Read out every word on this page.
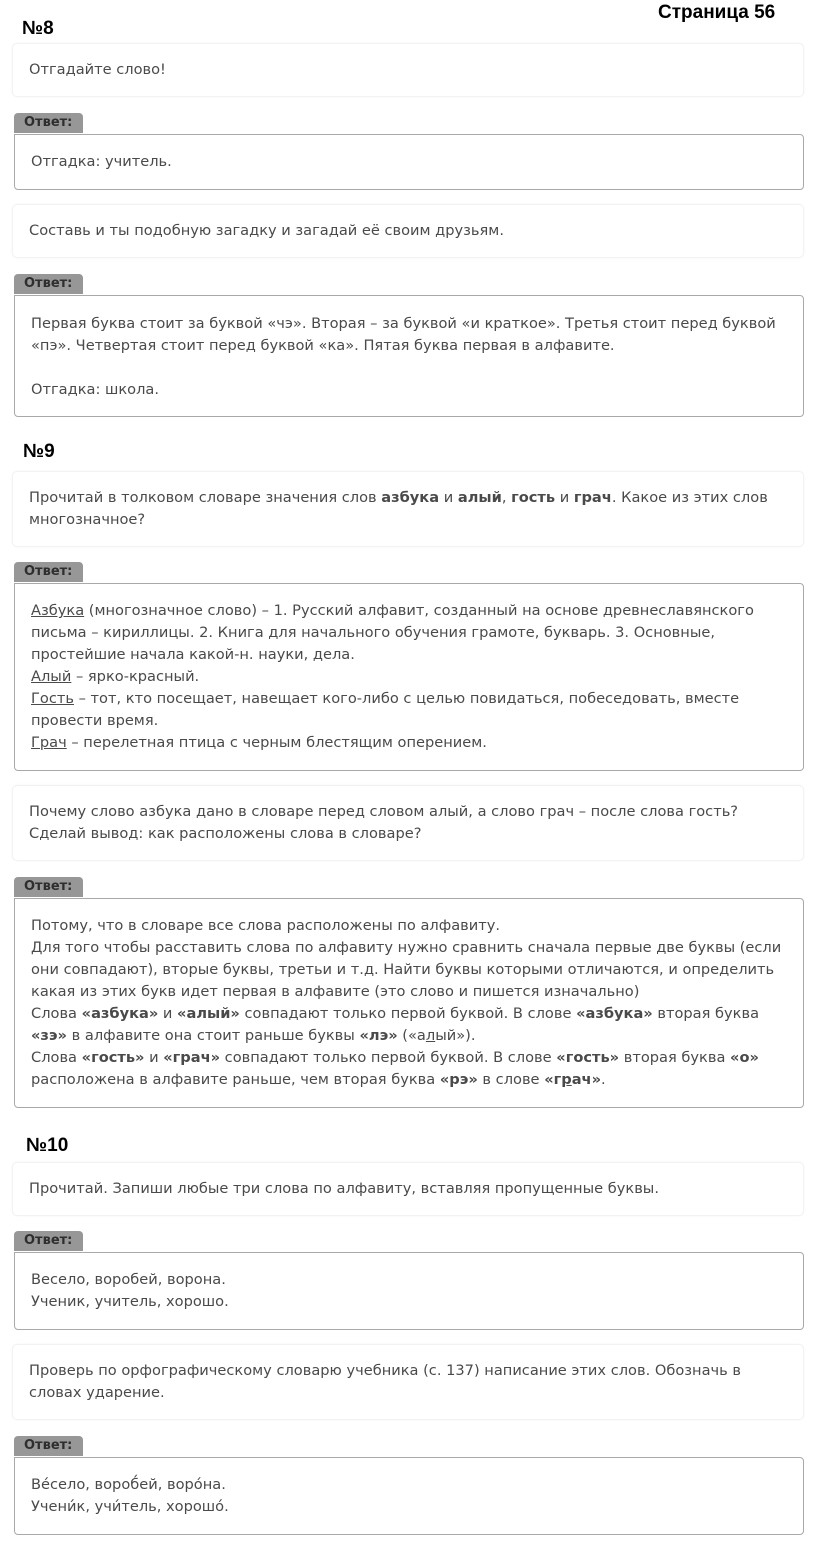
Страница 56
№8
Отгадайте слово!
Ответ:
Отгадка: учитель.
Составь и ты подобную загадку и загадай её своим друзьям.
Ответ:
Первая буква стоит за буквой «чэ». Вторая – за буквой «и краткое». Третья стоит перед буквой «пэ». Четвертая стоит перед буквой «ка». Пятая буква первая в алфавите.
Отгадка: школа.
№9
Прочитай в толковом словаре значения слов азбука и алый, гость и грач. Какое из этих слов многозначное?
Ответ:
Азбука (многозначное слово) – 1. Русский алфавит, созданный на основе древнеславянского письма – кириллицы. 2. Книга для начального обучения грамоте, букварь. 3. Основные, простейшие начала какой-н. науки, дела.
Алый – ярко-красный.
Гость – тот, кто посещает, навещает кого-либо с целью повидаться, побеседовать, вместе провести время.
Грач – перелетная птица с черным блестящим оперением.
Почему слово азбука дано в словаре перед словом алый, а слово грач – после слова гость? Сделай вывод: как расположены слова в словаре?
Ответ:
Потому, что в словаре все слова расположены по алфавиту.
Для того чтобы расставить слова по алфавиту нужно сравнить сначала первые две буквы (если они совпадают), вторые буквы, третьи и т.д. Найти буквы которыми отличаются, и определить какая из этих букв идет первая в алфавите (это слово и пишется изначально)
Слова «азбука» и «алый» совпадают только первой буквой. В слове «азбука» вторая буква «зэ» в алфавите она стоит раньше буквы «лэ» («алый»).
Слова «гость» и «грач» совпадают только первой буквой. В слове «гость» вторая буква «о» расположена в алфавите раньше, чем вторая буква «рэ» в слове «грач».
№10
Прочитай. Запиши любые три слова по алфавиту, вставляя пропущенные буквы.
Ответ:
Весело, воробей, ворона.
Ученик, учитель, хорошо.
Проверь по орфографическому словарю учебника (с. 137) написание этих слов. Обозначь в словах ударение.
Ответ:
Ве́село, вороб́ей, воро́на.
Учени́к, учи́тель, хорошо́.
